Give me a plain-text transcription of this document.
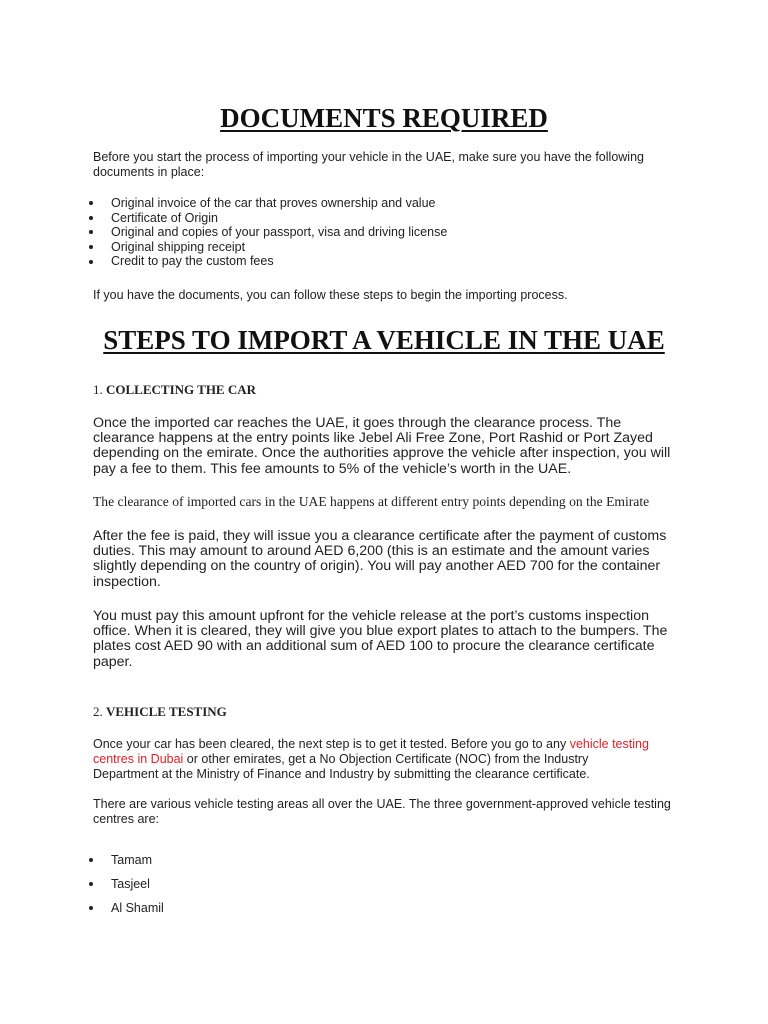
DOCUMENTS REQUIRED

Before you start the process of importing your vehicle in the UAE, make sure you have the following documents in place:

Original invoice of the car that proves ownership and value
Certificate of Origin
Original and copies of your passport, visa and driving license
Original shipping receipt
Credit to pay the custom fees

If you have the documents, you can follow these steps to begin the importing process.

STEPS TO IMPORT A VEHICLE IN THE UAE
1. COLLECTING THE CAR

Once the imported car reaches the UAE, it goes through the clearance process. The clearance happens at the entry points like Jebel Ali Free Zone, Port Rashid or Port Zayed depending on the emirate. Once the authorities approve the vehicle after inspection, you will pay a fee to them. This fee amounts to 5% of the vehicle’s worth in the UAE.

The clearance of imported cars in the UAE happens at different entry points depending on the Emirate

After the fee is paid, they will issue you a clearance certificate after the payment of customs duties. This may amount to around AED 6,200 (this is an estimate and the amount varies slightly depending on the country of origin). You will pay another AED 700 for the container inspection.

You must pay this amount upfront for the vehicle release at the port’s customs inspection office. When it is cleared, they will give you blue export plates to attach to the bumpers. The plates cost AED 90 with an additional sum of AED 100 to procure the clearance certificate paper.

2. VEHICLE TESTING

Once your car has been cleared, the next step is to get it tested. Before you go to any vehicle testing centres in Dubai or other emirates, get a No Objection Certificate (NOC) from the Industry Department at the Ministry of Finance and Industry by submitting the clearance certificate.

There are various vehicle testing areas all over the UAE. The three government-approved vehicle testing centres are:

Tamam
Tasjeel
Al Shamil
